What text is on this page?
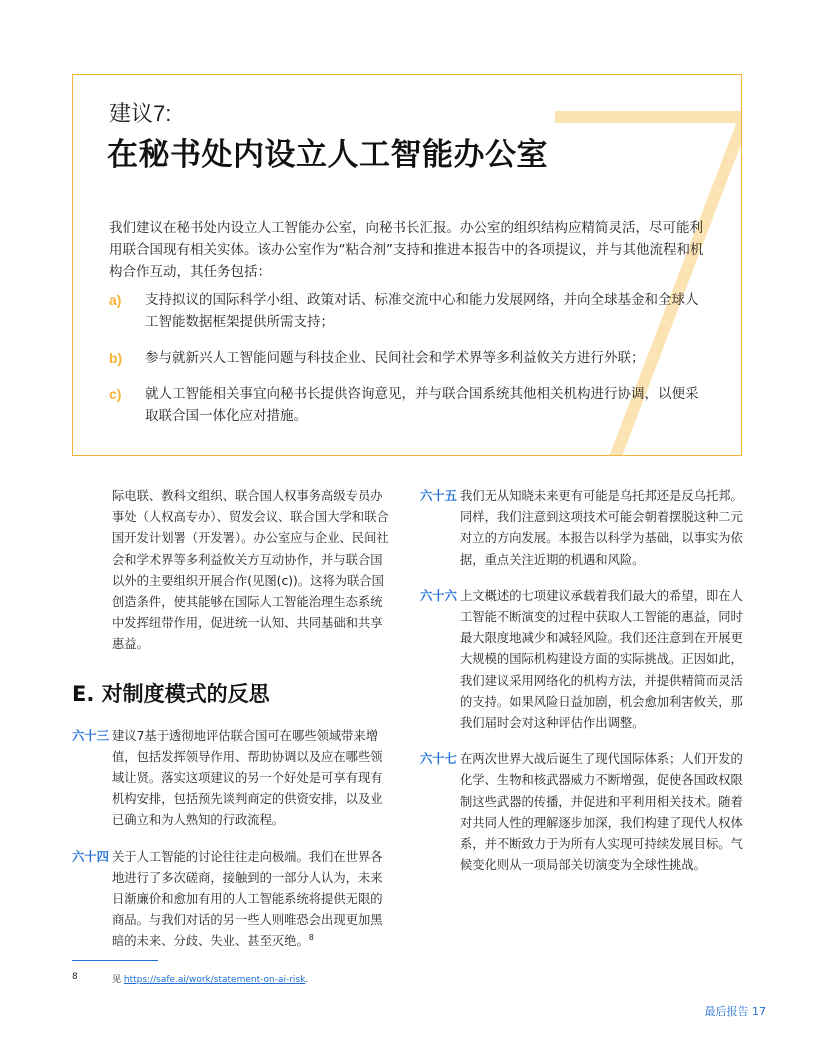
建议7:
在秘书处内设立人工智能办公室
我们建议在秘书处内设立人工智能办公室，向秘书长汇报。办公室的组织结构应精简灵活，尽可能利用联合国现有相关实体。该办公室作为“粘合剂”支持和推进本报告中的各项提议，并与其他流程和机构合作互动，其任务包括：
a)	支持拟议的国际科学小组、政策对话、标准交流中心和能力发展网络，并向全球基金和全球人工智能数据框架提供所需支持；
b)	参与就新兴人工智能问题与科技企业、民间社会和学术界等多利益攸关方进行外联；
c)	就人工智能相关事宜向秘书长提供咨询意见，并与联合国系统其他相关机构进行协调，以便采取联合国一体化应对措施。
际电联、教科文组织、联合国人权事务高级专员办事处（人权高专办）、贸发会议、联合国大学和联合国开发计划署（开发署）。办公室应与企业、民间社会和学术界等多利益攸关方互动协作，并与联合国以外的主要组织开展合作(见图(c))。这将为联合国创造条件，使其能够在国际人工智能治理生态系统中发挥纽带作用，促进统一认知、共同基础和共享惠益。
E. 对制度模式的反思
六十三 建议7基于透彻地评估联合国可在哪些领域带来增值，包括发挥领导作用、帮助协调以及应在哪些领域让贤。落实这项建议的另一个好处是可享有现有机构安排，包括预先谈判商定的供资安排，以及业已确立和为人熟知的行政流程。
六十四 关于人工智能的讨论往往走向极端。我们在世界各地进行了多次磋商，接触到的一部分人认为，未来日渐廉价和愈加有用的人工智能系统将提供无限的商品。与我们对话的另一些人则唯恐会出现更加黑暗的未来、分歧、失业、甚至灭绝。$^8$
六十五 我们无从知晓未来更有可能是乌托邦还是反乌托邦。同样，我们注意到这项技术可能会朝着摆脱这种二元对立的方向发展。本报告以科学为基础，以事实为依据，重点关注近期的机遇和风险。
六十六 上文概述的七项建议承载着我们最大的希望，即在人工智能不断演变的过程中获取人工智能的惠益，同时最大限度地减少和减轻风险。我们还注意到在开展更大规模的国际机构建设方面的实际挑战。正因如此，我们建议采用网络化的机构方法，并提供精简而灵活的支持。如果风险日益加剧，机会愈加利害攸关，那我们届时会对这种评估作出调整。
六十七 在两次世界大战后诞生了现代国际体系；人们开发的化学、生物和核武器威力不断增强，促使各国政权限制这些武器的传播，并促进和平利用相关技术。随着对共同人性的理解逐步加深，我们构建了现代人权体系，并不断致力于为所有人实现可持续发展目标。气候变化则从一项局部关切演变为全球性挑战。
8	见 https://safe.ai/work/statement-on-ai-risk.
最后报告 17
